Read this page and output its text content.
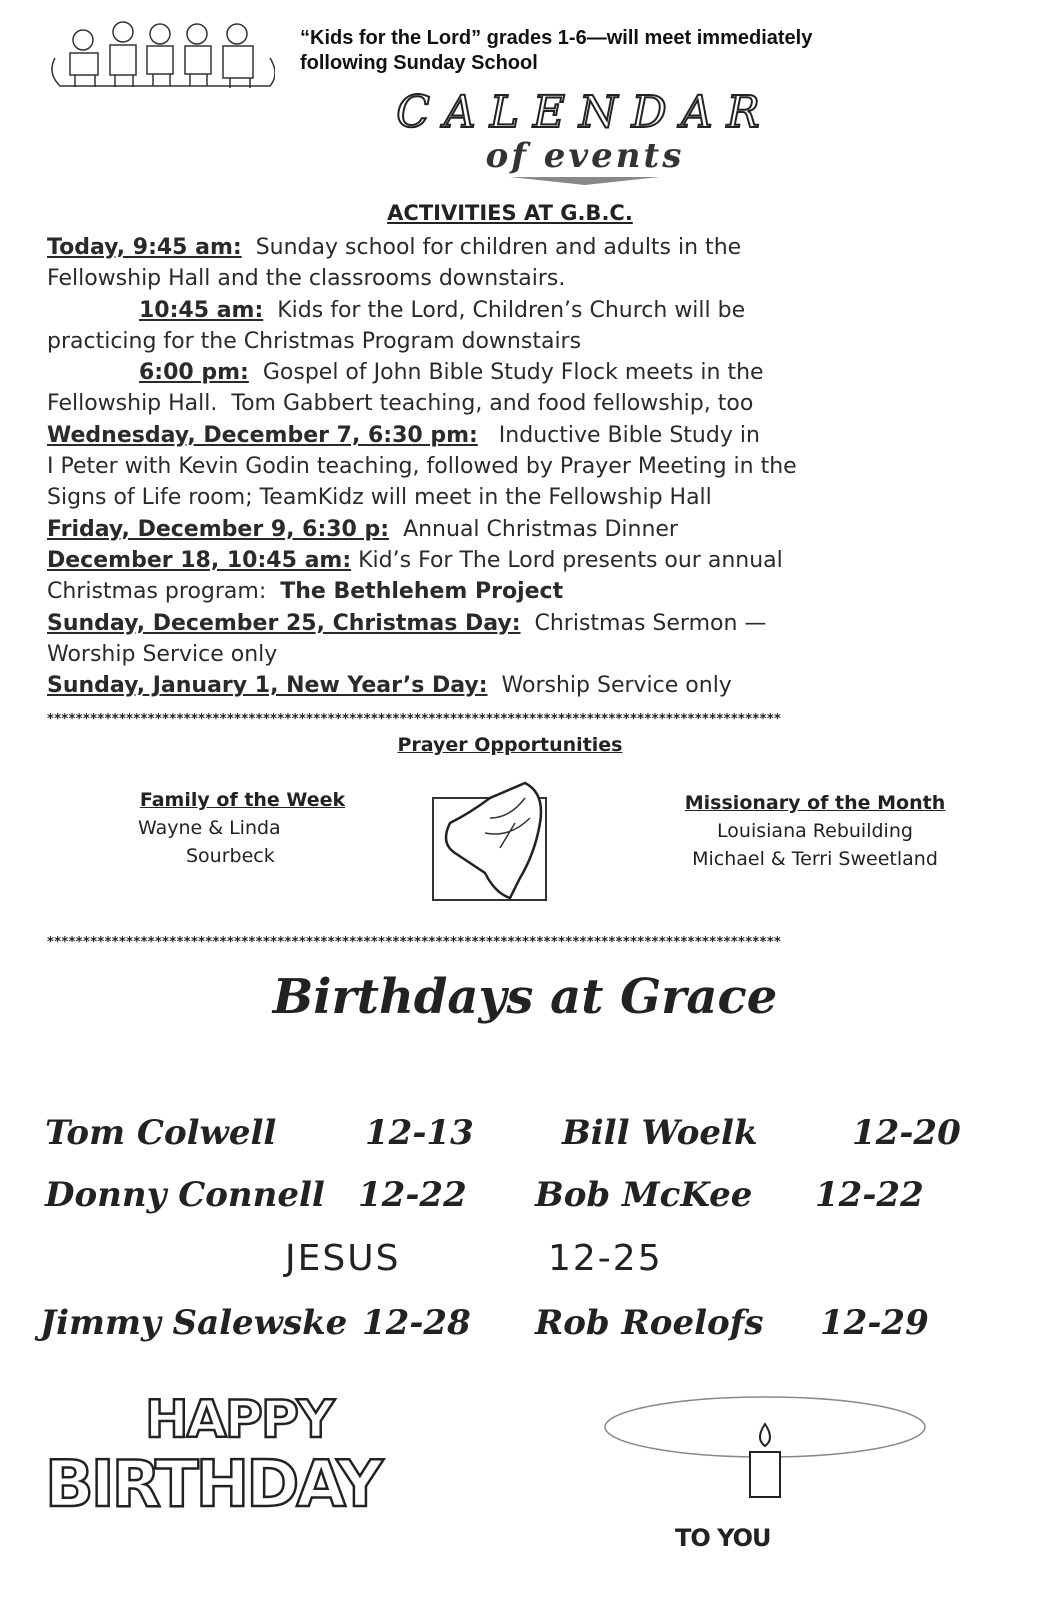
“Kids for the Lord” grades 1-6—will meet immediately
following Sunday School
CALENDAR
of events
ACTIVITIES AT G.B.C.
Today, 9:45 am:  Sunday school for children and adults in the
Fellowship Hall and the classrooms downstairs.
10:45 am:  Kids for the Lord, Children’s Church will be
practicing for the Christmas Program downstairs
6:00 pm:  Gospel of John Bible Study Flock meets in the
Fellowship Hall.  Tom Gabbert teaching, and food fellowship, too
Wednesday, December 7, 6:30 pm:   Inductive Bible Study in
I Peter with Kevin Godin teaching, followed by Prayer Meeting in the
Signs of Life room; TeamKidz will meet in the Fellowship Hall
Friday, December 9, 6:30 p:  Annual Christmas Dinner
December 18, 10:45 am: Kid’s For The Lord presents our annual
Christmas program:  The Bethlehem Project
Sunday, December 25, Christmas Day:  Christmas Sermon —
Worship Service only
Sunday, January 1, New Year’s Day:  Worship Service only
******************************************************************************************************
Prayer Opportunities
Family of the Week
Wayne & Linda
Sourbeck
Missionary of the Month
Louisiana Rebuilding
Michael & Terri Sweetland
******************************************************************************************************
Birthdays at Grace
Tom Colwell	12-13	Bill Woelk	12-20
Donny Connell 12-22 Bob McKee 12-22
JESUS	12-25
Jimmy Salewske 12-28 Rob Roelofs 12-29
HAPPY
BIRTHDAY
TO YOU
